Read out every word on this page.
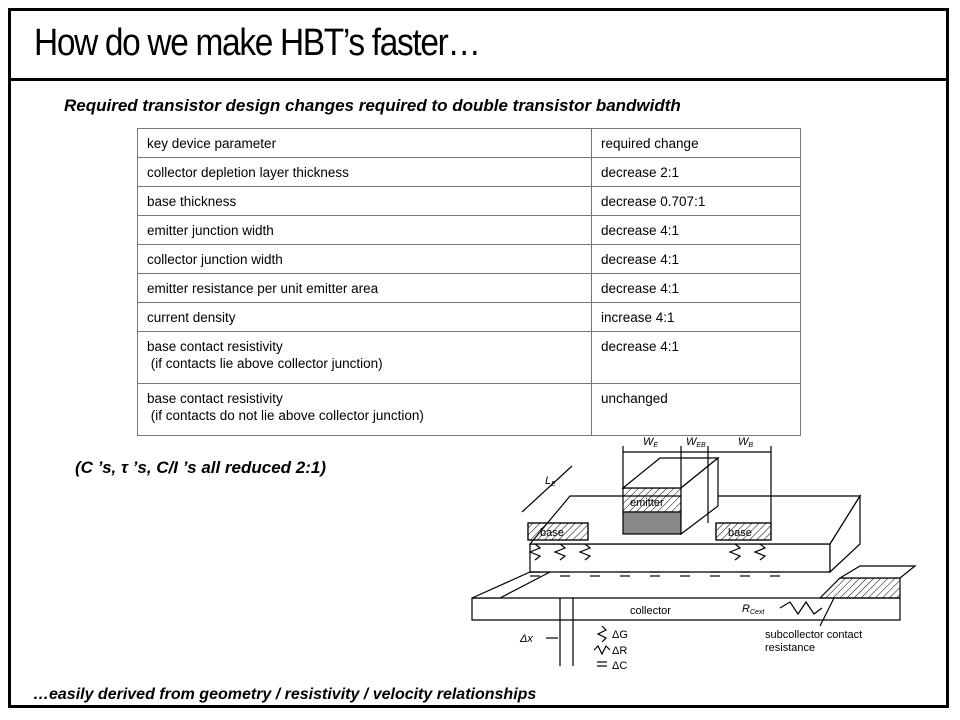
How do we make HBT’s faster…
Required transistor design changes required to double transistor bandwidth
key device parameter	required change
collector depletion layer thickness	decrease 2:1
base thickness	decrease 0.707:1
emitter junction width	decrease 4:1
collector junction width	decrease 4:1
emitter resistance per unit emitter area	decrease 4:1
current density	increase 4:1
base contact resistivity
(if contacts lie above collector junction)	decrease 4:1
base contact resistivity
(if contacts do not lie above collector junction)	unchanged
(C ’s, τ ’s, C/I ’s all reduced 2:1)
WE	WEB	WB
LE
emitter
base	base
collector	RCext
Δx	ΔG
ΔR
ΔC
subcollector contact
resistance
…easily derived from geometry / resistivity / velocity relationships
